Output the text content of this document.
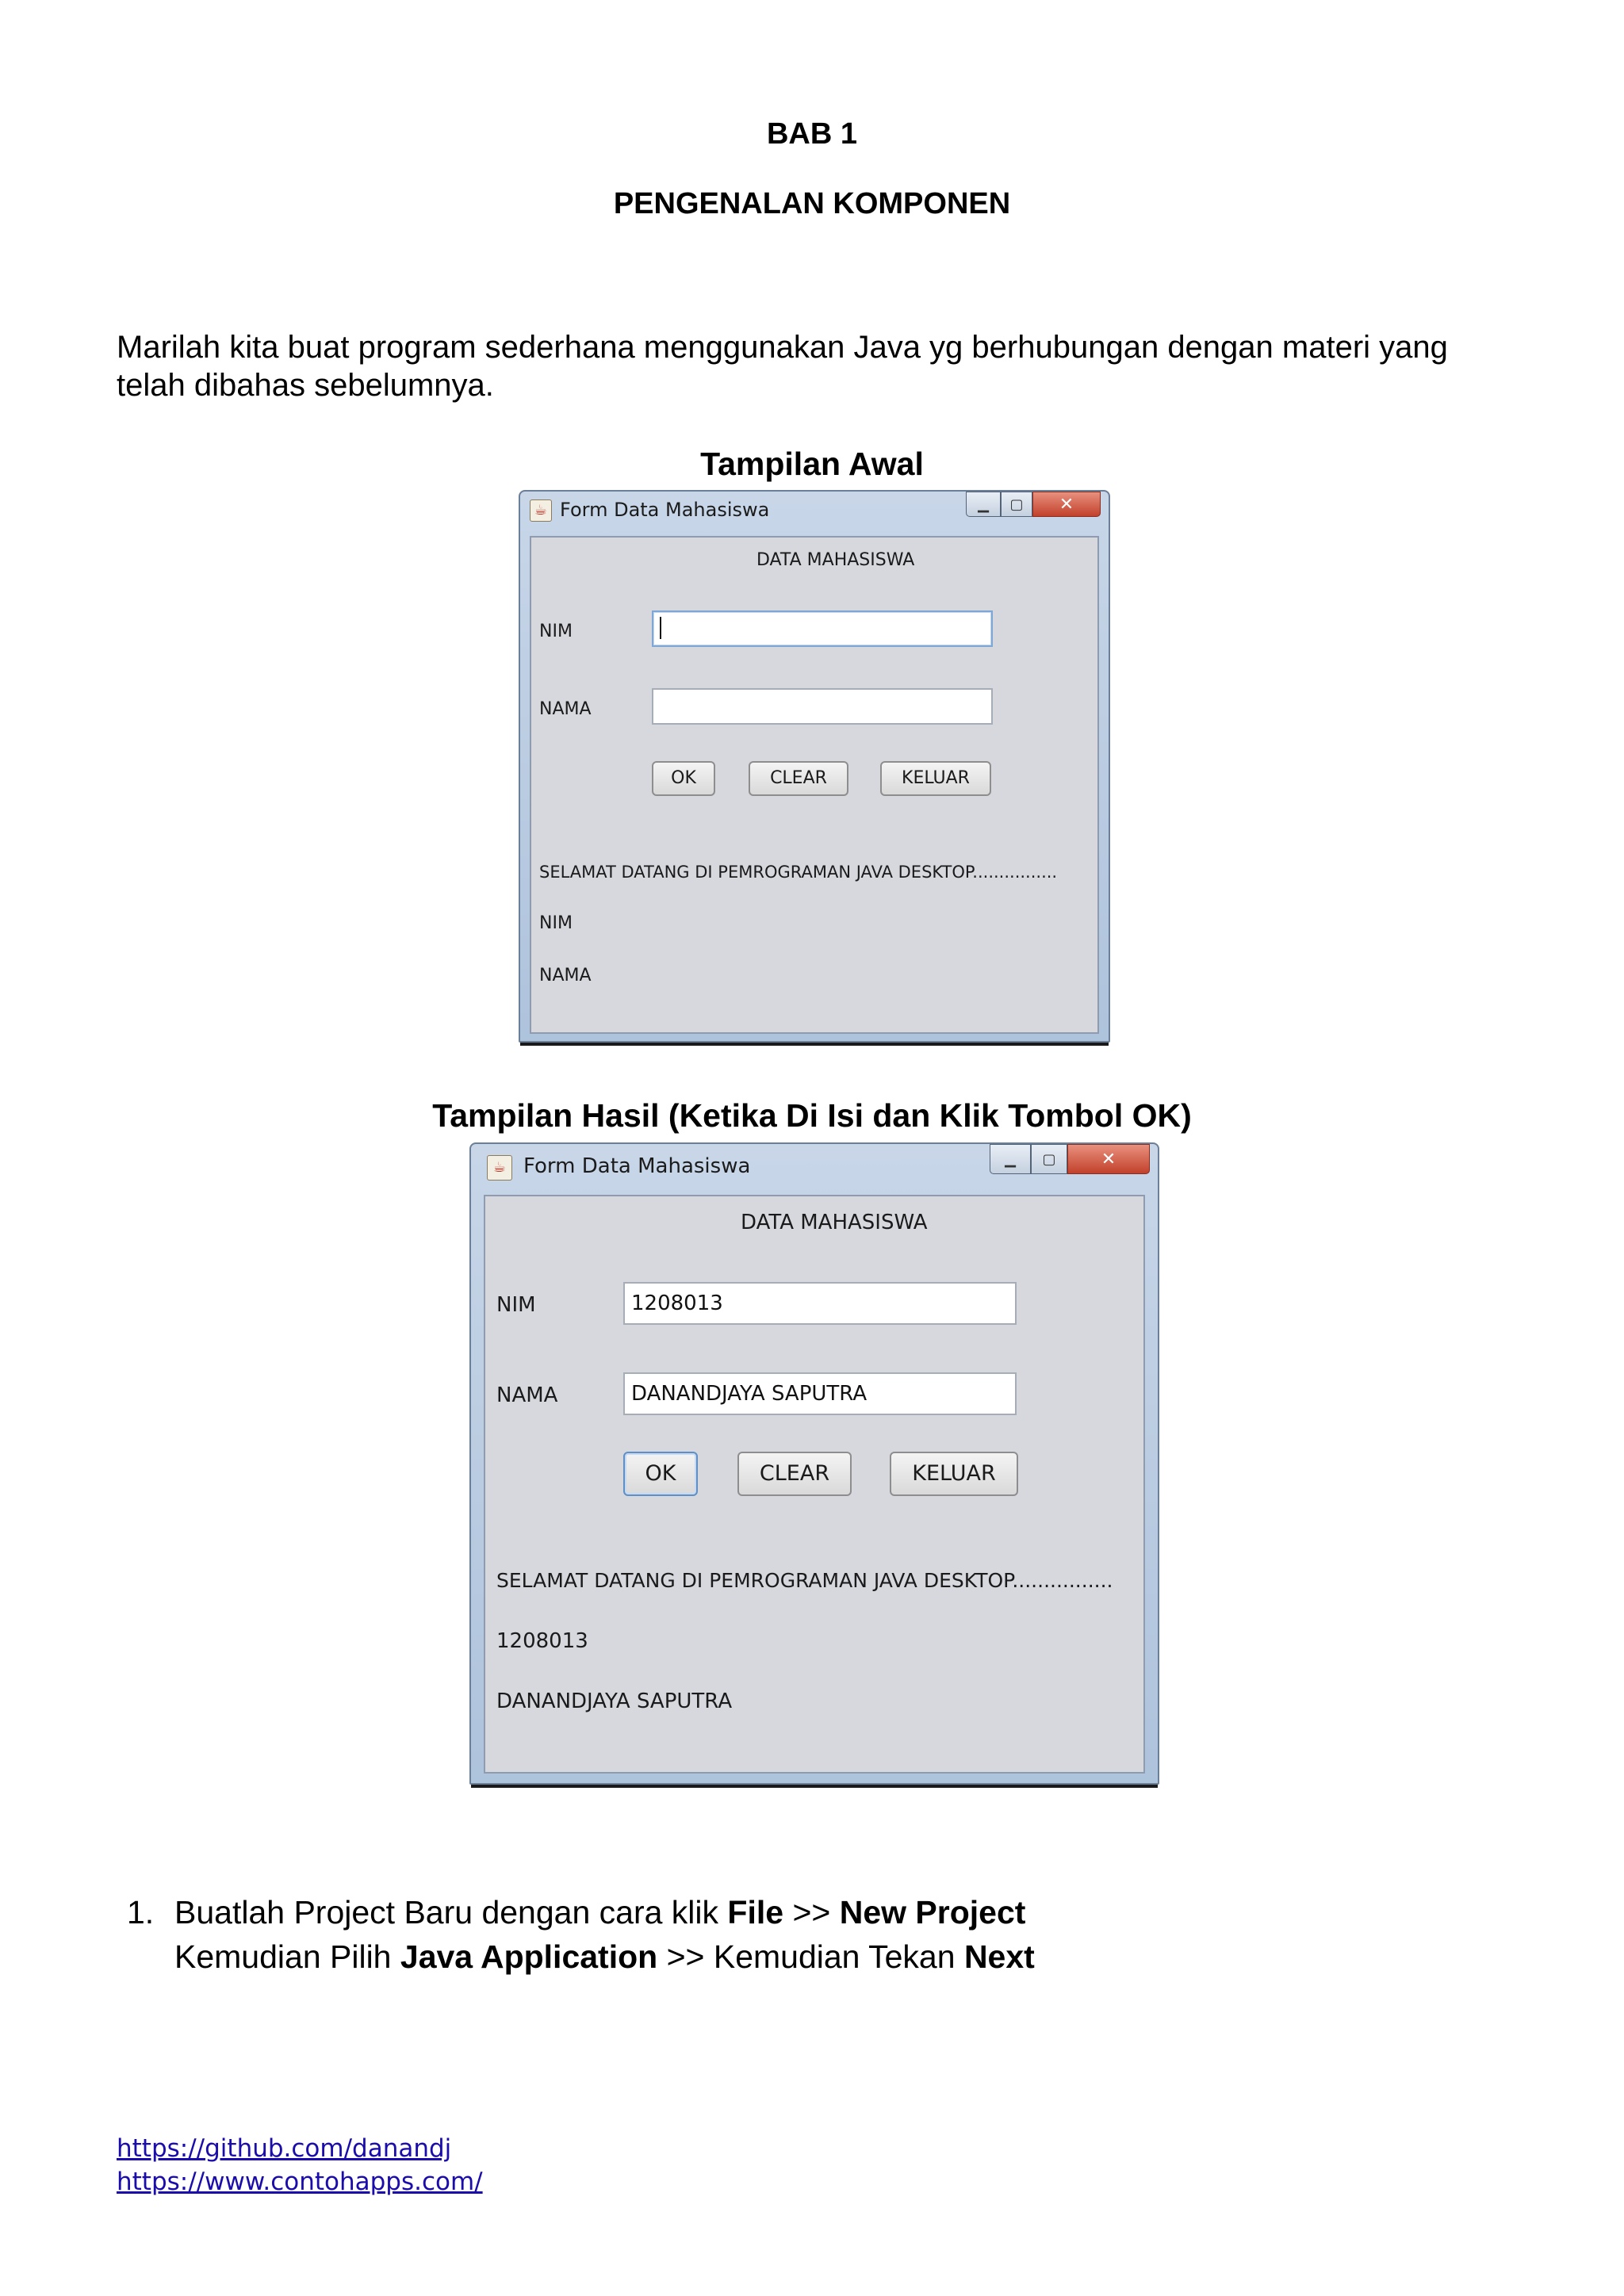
BAB 1
PENGENALAN KOMPONEN
Marilah kita buat program sederhana menggunakan Java yg berhubungan dengan materi yang telah dibahas sebelumnya.
Tampilan Awal
☕ Form Data Mahasiswa	▁ ▢ ✕
DATA MAHASISWA
NIM
NAMA
OK	CLEAR	KELUAR
SELAMAT DATANG DI PEMROGRAMAN JAVA DESKTOP................
NIM
NAMA
Tampilan Hasil (Ketika Di Isi dan Klik Tombol OK)
☕ Form Data Mahasiswa	▁ ▢	✕
DATA MAHASISWA
NIM	1208013
NAMA	DANANDJAYA SAPUTRA
OK	CLEAR	KELUAR
SELAMAT DATANG DI PEMROGRAMAN JAVA DESKTOP................
1208013
DANANDJAYA SAPUTRA
1. Buatlah Project Baru dengan cara klik File >> New Project
Kemudian Pilih Java Application >> Kemudian Tekan Next
https://github.com/danandj
https://www.contohapps.com/
